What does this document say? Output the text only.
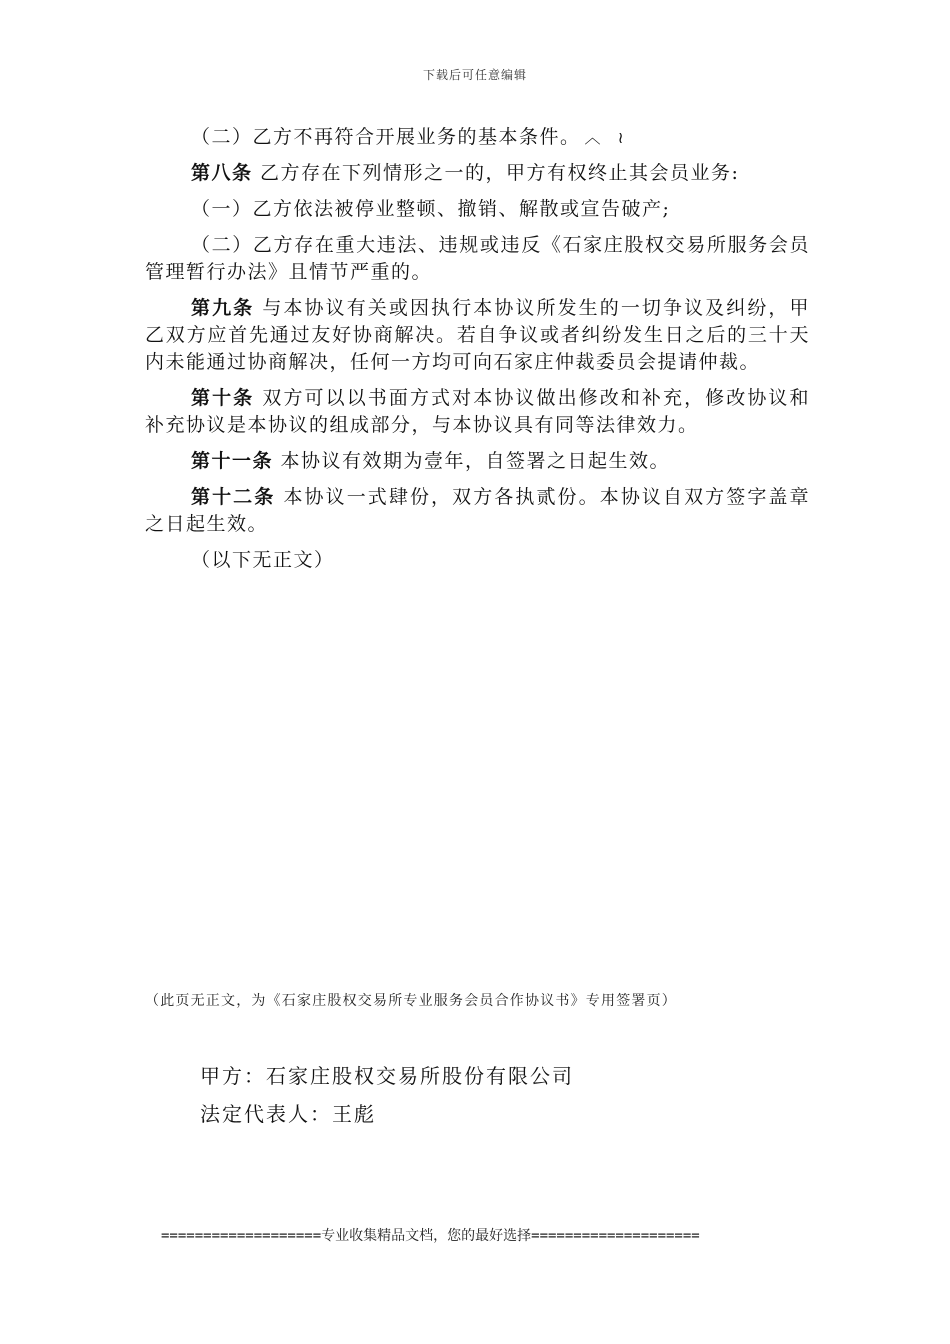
下载后可任意编辑

（二）乙方不再符合开展业务的基本条件。 ︿ ≀

第八条 乙方存在下列情形之一的，甲方有权终止其会员业务:

（一）乙方依法被停业整顿、撤销、解散或宣告破产;

（二）乙方存在重大违法、违规或违反《石家庄股权交易所服务会员管理暂行办法》且情节严重的。

第九条 与本协议有关或因执行本协议所发生的一切争议及纠纷，甲乙双方应首先通过友好协商解决。若自争议或者纠纷发生日之后的三十天内未能通过协商解决，任何一方均可向石家庄仲裁委员会提请仲裁。

第十条 双方可以以书面方式对本协议做出修改和补充，修改协议和补充协议是本协议的组成部分，与本协议具有同等法律效力。

第十一条 本协议有效期为壹年，自签署之日起生效。

第十二条 本协议一式肆份，双方各执贰份。本协议自双方签字盖章之日起生效。

（以下无正文）

（此页无正文，为《石家庄股权交易所专业服务会员合作协议书》专用签署页）
甲方：石家庄股权交易所股份有限公司
法定代表人：王彪
===================专业收集精品文档，您的最好选择====================
